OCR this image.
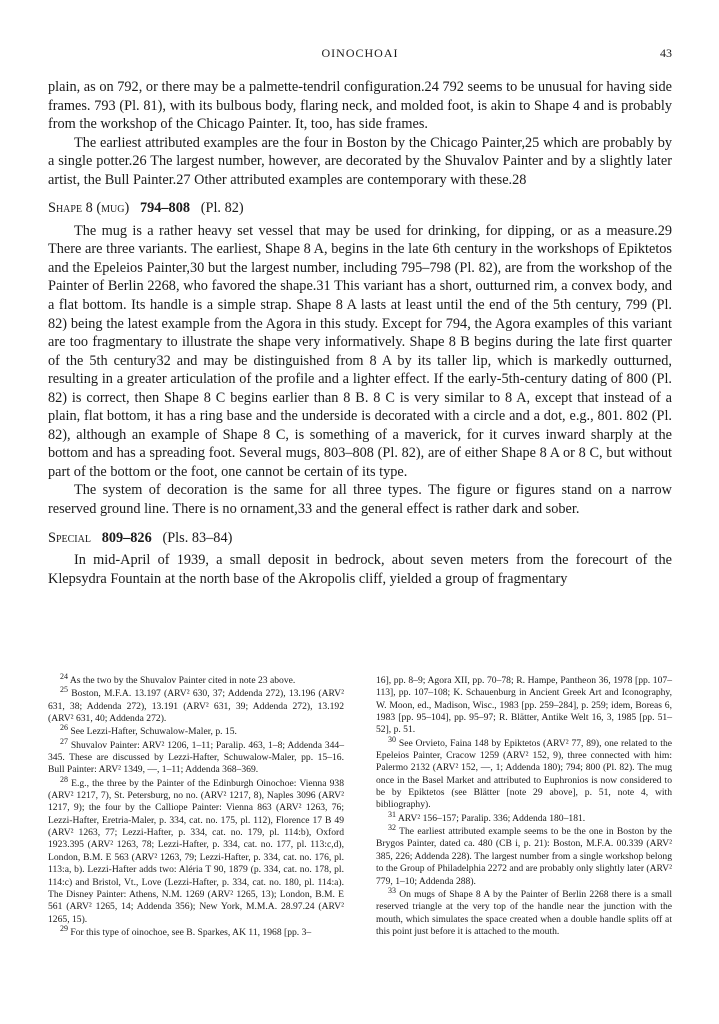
OINOCHOAI	43

plain, as on 792, or there may be a palmette-tendril configuration.24 792 seems to be unusual for having side frames. 793 (Pl. 81), with its bulbous body, flaring neck, and molded foot, is akin to Shape 4 and is probably from the workshop of the Chicago Painter. It, too, has side frames.

The earliest attributed examples are the four in Boston by the Chicago Painter,25 which are probably by a single potter.26 The largest number, however, are decorated by the Shuvalov Painter and by a slightly later artist, the Bull Painter.27 Other attributed examples are contemporary with these.28

Shape 8 (mug) 794–808 (Pl. 82)

The mug is a rather heavy set vessel that may be used for drinking, for dipping, or as a measure.29 There are three variants. The earliest, Shape 8 A, begins in the late 6th century in the workshops of Epiktetos and the Epeleios Painter,30 but the largest number, including 795–798 (Pl. 82), are from the workshop of the Painter of Berlin 2268, who favored the shape.31 This variant has a short, outturned rim, a convex body, and a flat bottom. Its handle is a simple strap. Shape 8 A lasts at least until the end of the 5th century, 799 (Pl. 82) being the latest example from the Agora in this study. Except for 794, the Agora examples of this variant are too fragmentary to illustrate the shape very informatively. Shape 8 B begins during the late first quarter of the 5th century32 and may be distinguished from 8 A by its taller lip, which is markedly outturned, resulting in a greater articulation of the profile and a lighter effect. If the early-5th-century dating of 800 (Pl. 82) is correct, then Shape 8 C begins earlier than 8 B. 8 C is very similar to 8 A, except that instead of a plain, flat bottom, it has a ring base and the underside is decorated with a circle and a dot, e.g., 801. 802 (Pl. 82), although an example of Shape 8 C, is something of a maverick, for it curves inward sharply at the bottom and has a spreading foot. Several mugs, 803–808 (Pl. 82), are of either Shape 8 A or 8 C, but without part of the bottom or the foot, one cannot be certain of its type.

The system of decoration is the same for all three types. The figure or figures stand on a narrow reserved ground line. There is no ornament,33 and the general effect is rather dark and sober.

Special 809–826 (Pls. 83–84)

In mid-April of 1939, a small deposit in bedrock, about seven meters from the forecourt of the Klepsydra Fountain at the north base of the Akropolis cliff, yielded a group of fragmentary

$^{24}$ As the two by the Shuvalov Painter cited in note 23 above.

$^{25}$ Boston, M.F.A. 13.197 (ARV² 630, 37; Addenda 272), 13.196 (ARV² 631, 38; Addenda 272), 13.191 (ARV² 631, 39; Addenda 272), 13.192 (ARV² 631, 40; Addenda 272).

$^{26}$ See Lezzi-Hafter, Schuwalow-Maler, p. 15.

$^{27}$ Shuvalov Painter: ARV² 1206, 1–11; Paralip. 463, 1–8; Addenda 344–345. These are discussed by Lezzi-Hafter, Schuwalow-Maler, pp. 15–16. Bull Painter: ARV² 1349, —, 1–11; Addenda 368–369.

$^{28}$ E.g., the three by the Painter of the Edinburgh Oinochoe: Vienna 938 (ARV² 1217, 7), St. Petersburg, no no. (ARV² 1217, 8), Naples 3096 (ARV² 1217, 9); the four by the Calliope Painter: Vienna 863 (ARV² 1263, 76; Lezzi-Hafter, Eretria-Maler, p. 334, cat. no. 175, pl. 112), Florence 17 B 49 (ARV² 1263, 77; Lezzi-Hafter, p. 334, cat. no. 179, pl. 114:b), Oxford 1923.395 (ARV² 1263, 78; Lezzi-Hafter, p. 334, cat. no. 177, pl. 113:c,d), London, B.M. E 563 (ARV² 1263, 79; Lezzi-Hafter, p. 334, cat. no. 176, pl. 113:a, b). Lezzi-Hafter adds two: Aléria T 90, 1879 (p. 334, cat. no. 178, pl. 114:c) and Bristol, Vt., Love (Lezzi-Hafter, p. 334, cat. no. 180, pl. 114:a). The Disney Painter: Athens, N.M. 1269 (ARV² 1265, 13); London, B.M. E 561 (ARV² 1265, 14; Addenda 356); New York, M.M.A. 28.97.24 (ARV² 1265, 15).

$^{29}$ For this type of oinochoe, see B. Sparkes, AK 11, 1968 [pp. 3–

16], pp. 8–9; Agora XII, pp. 70–78; R. Hampe, Pantheon 36, 1978 [pp. 107–113], pp. 107–108; K. Schauenburg in Ancient Greek Art and Iconography, W. Moon, ed., Madison, Wisc., 1983 [pp. 259–284], p. 259; idem, Boreas 6, 1983 [pp. 95–104], pp. 95–97; R. Blätter, Antike Welt 16, 3, 1985 [pp. 51–52], p. 51.

$^{30}$ See Orvieto, Faina 148 by Epiktetos (ARV² 77, 89), one related to the Epeleios Painter, Cracow 1259 (ARV² 152, 9), three connected with him: Palermo 2132 (ARV² 152, —, 1; Addenda 180); 794; 800 (Pl. 82). The mug once in the Basel Market and attributed to Euphronios is now considered to be by Epiktetos (see Blätter [note 29 above], p. 51, note 4, with bibliography).

$^{31}$ ARV² 156–157; Paralip. 336; Addenda 180–181.

$^{32}$ The earliest attributed example seems to be the one in Boston by the Brygos Painter, dated ca. 480 (CB i, p. 21): Boston, M.F.A. 00.339 (ARV² 385, 226; Addenda 228). The largest number from a single workshop belong to the Group of Philadelphia 2272 and are probably only slightly later (ARV² 779, 1–10; Addenda 288).

$^{33}$ On mugs of Shape 8 A by the Painter of Berlin 2268 there is a small reserved triangle at the very top of the handle near the junction with the mouth, which simulates the space created when a double handle splits off at this point just before it is attached to the mouth.
